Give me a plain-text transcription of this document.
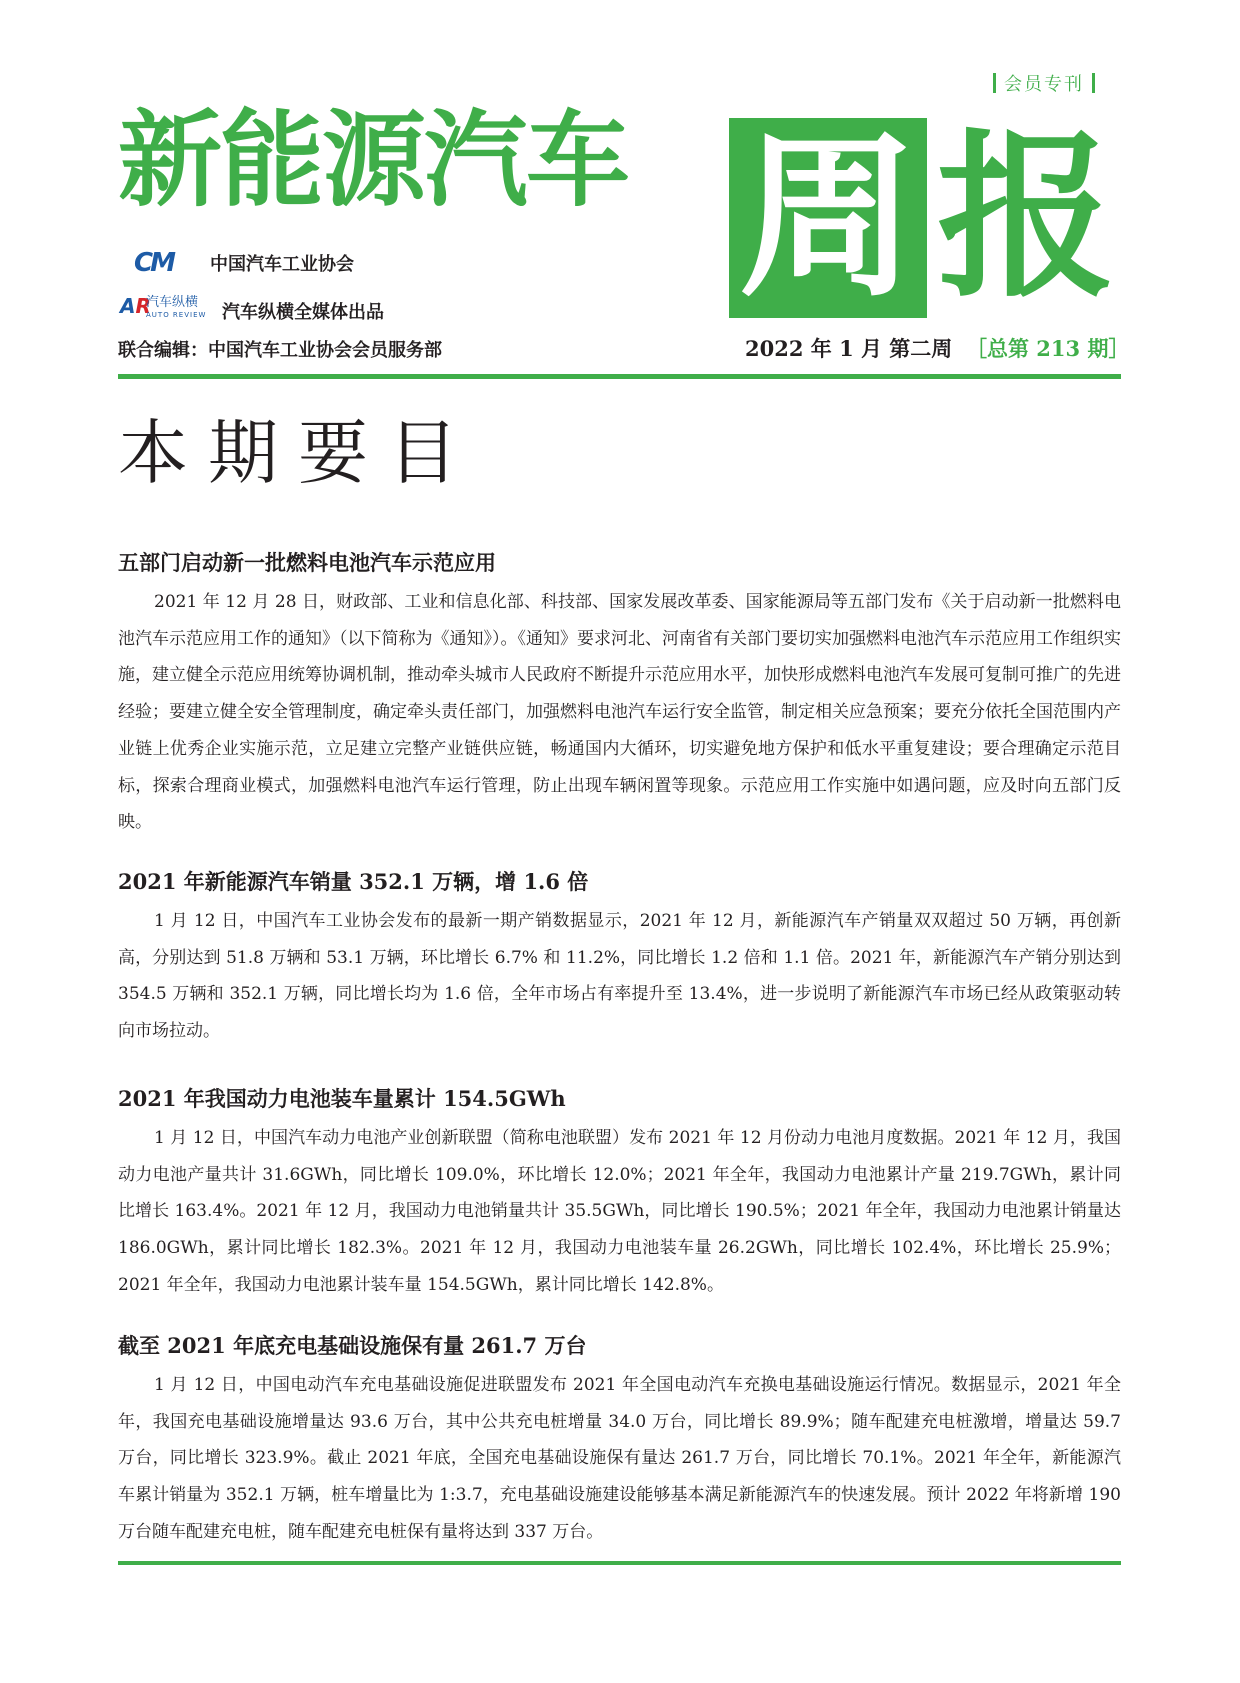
会员专刊
新能源汽车 周 报
CM	中国汽车工业协会
AR
汽车纵横
AUTO REVIEW 汽车纵横全媒体出品
联合编辑：中国汽车工业协会会员服务部	2022 年 1 月 第二周 ［总第 213 期］
本期要目
五部门启动新一批燃料电池汽车示范应用

2021 年 12 月 28 日，财政部、工业和信息化部、科技部、国家发展改革委、国家能源局等五部门发布《关于启动新一批燃料电池汽车示范应用工作的通知》（以下简称为《通知》）。《通知》要求河北、河南省有关部门要切实加强燃料电池汽车示范应用工作组织实施，建立健全示范应用统筹协调机制，推动牵头城市人民政府不断提升示范应用水平，加快形成燃料电池汽车发展可复制可推广的先进经验；要建立健全安全管理制度，确定牵头责任部门，加强燃料电池汽车运行安全监管，制定相关应急预案；要充分依托全国范围内产业链上优秀企业实施示范，立足建立完整产业链供应链，畅通国内大循环，切实避免地方保护和低水平重复建设；要合理确定示范目标，探索合理商业模式，加强燃料电池汽车运行管理，防止出现车辆闲置等现象。示范应用工作实施中如遇问题，应及时向五部门反映。

2021 年新能源汽车销量 352.1 万辆，增 1.6 倍

1 月 12 日，中国汽车工业协会发布的最新一期产销数据显示，2021 年 12 月，新能源汽车产销量双双超过 50 万辆，再创新高，分别达到 51.8 万辆和 53.1 万辆，环比增长 6.7% 和 11.2%，同比增长 1.2 倍和 1.1 倍。2021 年，新能源汽车产销分别达到 354.5 万辆和 352.1 万辆，同比增长均为 1.6 倍，全年市场占有率提升至 13.4%，进一步说明了新能源汽车市场已经从政策驱动转向市场拉动。

2021 年我国动力电池装车量累计 154.5GWh

1 月 12 日，中国汽车动力电池产业创新联盟（简称电池联盟）发布 2021 年 12 月份动力电池月度数据。2021 年 12 月，我国动力电池产量共计 31.6GWh，同比增长 109.0%，环比增长 12.0%；2021 年全年，我国动力电池累计产量 219.7GWh，累计同比增长 163.4%。2021 年 12 月，我国动力电池销量共计 35.5GWh，同比增长 190.5%；2021 年全年，我国动力电池累计销量达 186.0GWh，累计同比增长 182.3%。2021 年 12 月，我国动力电池装车量 26.2GWh，同比增长 102.4%，环比增长 25.9%；2021 年全年，我国动力电池累计装车量 154.5GWh，累计同比增长 142.8%。

截至 2021 年底充电基础设施保有量 261.7 万台

1 月 12 日，中国电动汽车充电基础设施促进联盟发布 2021 年全国电动汽车充换电基础设施运行情况。数据显示，2021 年全年，我国充电基础设施增量达 93.6 万台，其中公共充电桩增量 34.0 万台，同比增长 89.9%；随车配建充电桩激增，增量达 59.7 万台，同比增长 323.9%。截止 2021 年底，全国充电基础设施保有量达 261.7 万台，同比增长 70.1%。2021 年全年，新能源汽车累计销量为 352.1 万辆，桩车增量比为 1:3.7，充电基础设施建设能够基本满足新能源汽车的快速发展。预计 2022 年将新增 190 万台随车配建充电桩，随车配建充电桩保有量将达到 337 万台。
